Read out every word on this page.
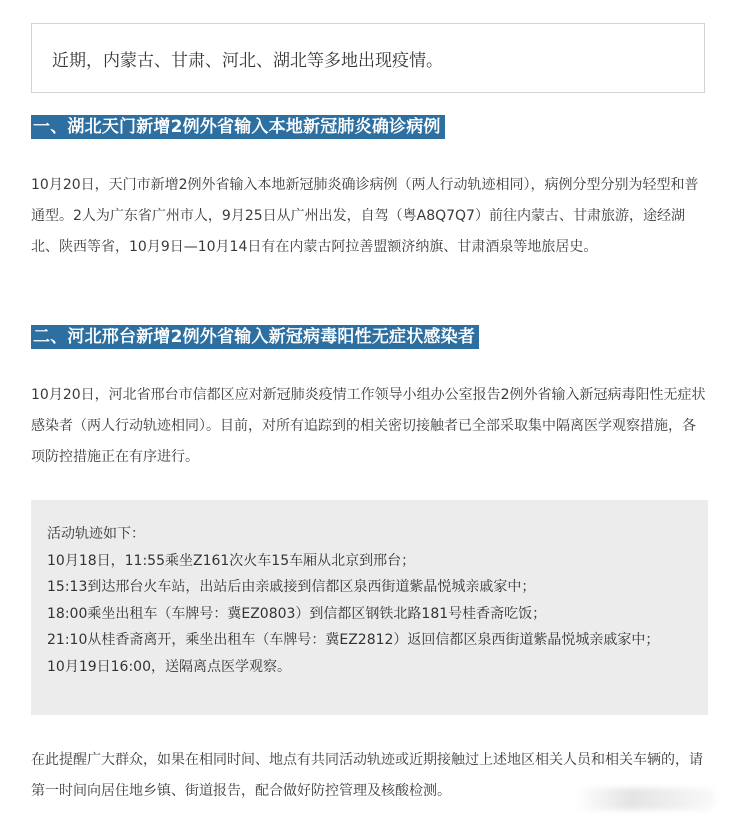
近期，内蒙古、甘肃、河北、湖北等多地出现疫情。
一、湖北天门新增2例外省输入本地新冠肺炎确诊病例

10月20日，天门市新增2例外省输入本地新冠肺炎确诊病例（两人行动轨迹相同），病例分型分别为轻型和普通型。2人为广东省广州市人，9月25日从广州出发，自驾（粤A8Q7Q7）前往内蒙古、甘肃旅游，途经湖北、陕西等省，10月9日—10月14日有在内蒙古阿拉善盟额济纳旗、甘肃酒泉等地旅居史。

二、河北邢台新增2例外省输入新冠病毒阳性无症状感染者

10月20日，河北省邢台市信都区应对新冠肺炎疫情工作领导小组办公室报告2例外省输入新冠病毒阳性无症状感染者（两人行动轨迹相同）。目前，对所有追踪到的相关密切接触者已全部采取集中隔离医学观察措施，各项防控措施正在有序进行。

活动轨迹如下：

10月18日，11:55乘坐Z161次火车15车厢从北京到邢台；

15:13到达邢台火车站，出站后由亲戚接到信都区泉西街道紫晶悦城亲戚家中；

18:00乘坐出租车（车牌号：冀EZ0803）到信都区钢铁北路181号桂香斋吃饭；

21:10从桂香斋离开，乘坐出租车（车牌号：冀EZ2812）返回信都区泉西街道紫晶悦城亲戚家中；

10月19日16:00，送隔离点医学观察。

在此提醒广大群众，如果在相同时间、地点有共同活动轨迹或近期接触过上述地区相关人员和相关车辆的，请第一时间向居住地乡镇、街道报告，配合做好防控管理及核酸检测。
